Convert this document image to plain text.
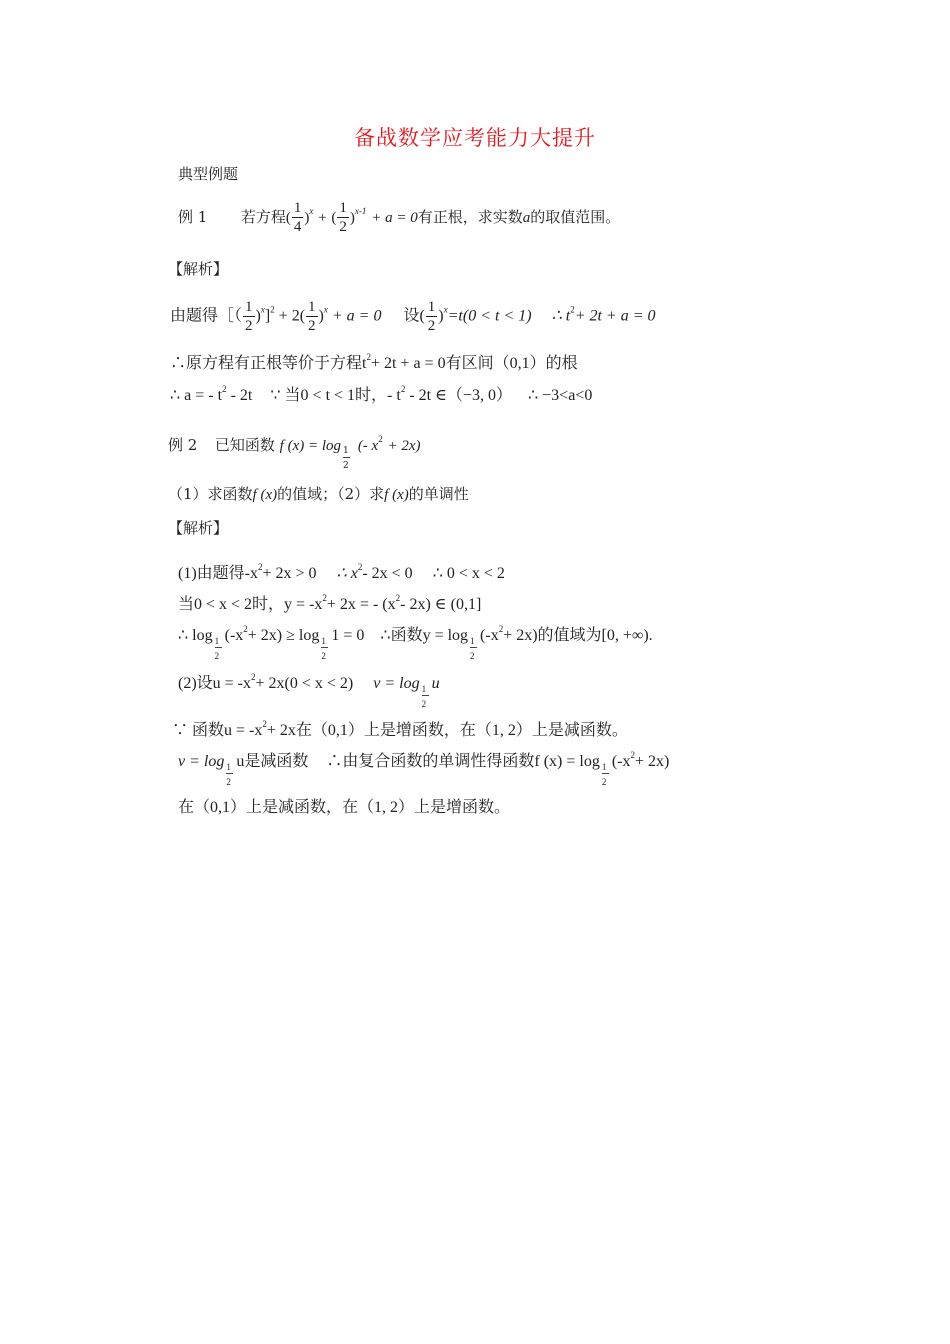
备战数学应考能力大提升
典型例题
例 1 若方程( $\frac{1}{4} )^x$ + ( $\frac{1}{2} )^{x-1} + a = 0$有正根，求实数a的取值范围。
【解析】
由题得［（ $\frac{1}{2} )^x]^2 + 2( \frac{1}{2} )^x + a = 0$ 设( $\frac{1}{2} )^x=t(0 < t < 1)$ ∴ $t^2+ 2t + a = 0$
∴原方程有正根等价于方程$t^2+ 2t + a = 0$有区间（0,1）的根
∴ a = - $t^2 - 2t$ ∵ 当0 < t < 1时，- $t^2 - 2t$ ∈（−3, 0） ∴ −3<a<0
例 2 已知函数 f $(x) = \log \frac{1}{2}$ (- $x^2 + 2x$)
（1）求函数f (x)的值域；（2）求f (x)的单调性
【解析】
(1)由题得$-x^2+ 2x > 0$ ∴ $x^2-$ 2x < 0 ∴ 0 < x < 2
当0 < x < 2时，$y = -x^2+ 2x$ = - ($x^2-$ 2x) ∈ (0,1]
∴ $\log \frac{1}{2} (-x^2+ 2x) \ge \log \frac{1}{2} 1 = 0$ ∴函数$y = \log \frac{1}{2} (-x^2+ 2x)$的值域为[0, +∞).
(2)设$u = -x^2+ 2x(0 < x < 2) v = \log \frac{1}{2}$ u
∵ 函数$u = -x^2+ 2x$在（0,1）上是增函数，在（1, 2）上是减函数。
$v = \log \frac{1}{2}$ u是减函数 ∴由复合函数的单调性得函数f $(x) = \log \frac{1}{2} (-x^2+ 2x)$
在（0,1）上是减函数，在（1, 2）上是增函数。
